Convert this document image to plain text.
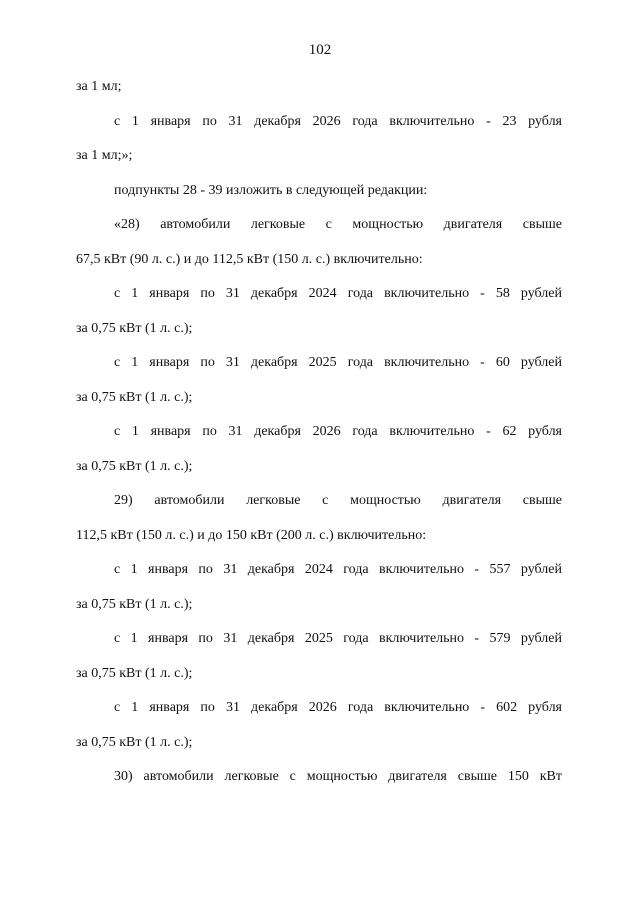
102
за 1 мл;
с 1 января по 31 декабря 2026 года включительно - 23 рубля
за 1 мл;»;
подпункты 28 - 39 изложить в следующей редакции:
«28) автомобили легковые с мощностью двигателя свыше
67,5 кВт (90 л. с.) и до 112,5 кВт (150 л. с.) включительно:
с 1 января по 31 декабря 2024 года включительно - 58 рублей
за 0,75 кВт (1 л. с.);
с 1 января по 31 декабря 2025 года включительно - 60 рублей
за 0,75 кВт (1 л. с.);
с 1 января по 31 декабря 2026 года включительно - 62 рубля
за 0,75 кВт (1 л. с.);
29) автомобили легковые с мощностью двигателя свыше
112,5 кВт (150 л. с.) и до 150 кВт (200 л. с.) включительно:
с 1 января по 31 декабря 2024 года включительно - 557 рублей
за 0,75 кВт (1 л. с.);
с 1 января по 31 декабря 2025 года включительно - 579 рублей
за 0,75 кВт (1 л. с.);
с 1 января по 31 декабря 2026 года включительно - 602 рубля
за 0,75 кВт (1 л. с.);
30) автомобили легковые с мощностью двигателя свыше 150 кВт
